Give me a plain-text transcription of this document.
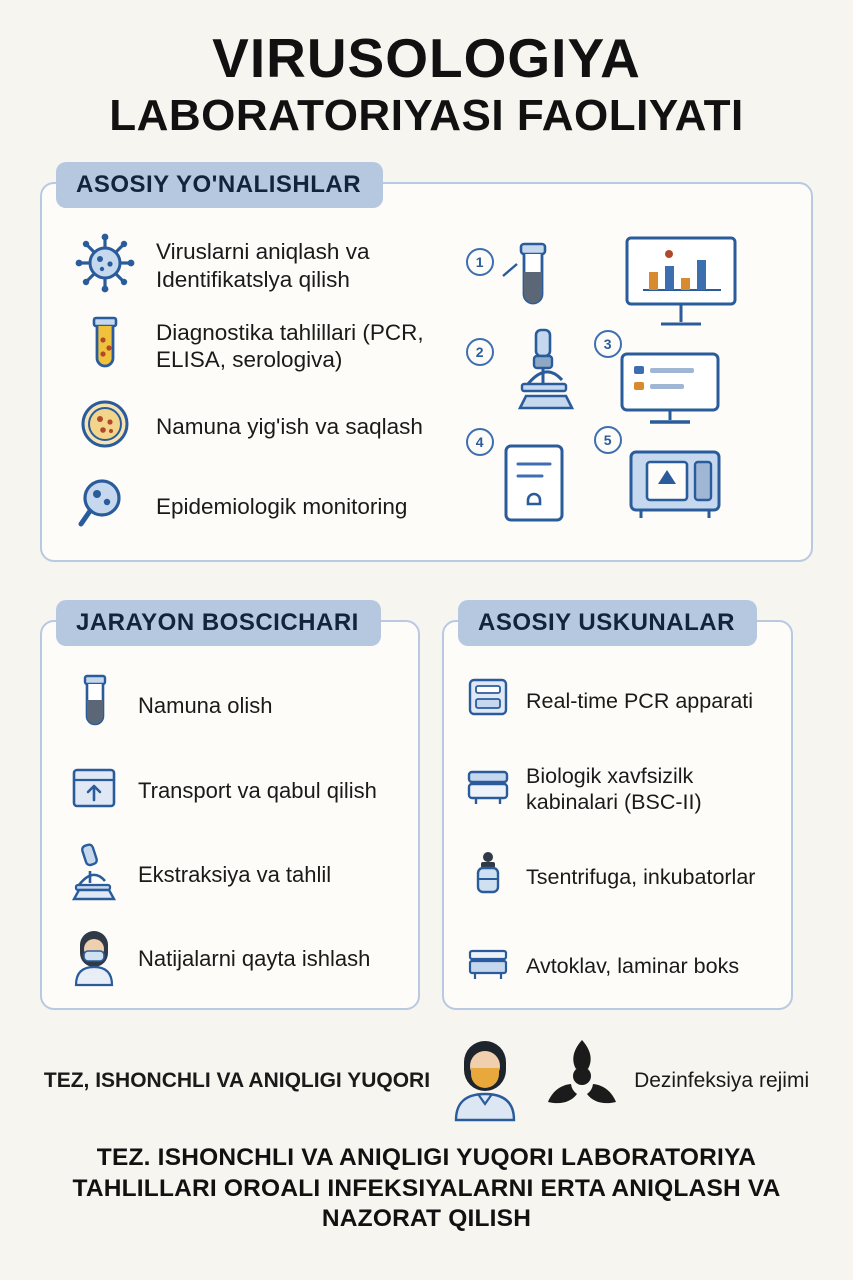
VIRUSOLOGIYA
LABORATORIYASI FAOLIYATI
ASOSIY YO'NALISHLAR
Viruslarni aniqlash va Identifikatslya qilish
Diagnostika tahlillari (PCR, ELISA, serologiva)
Namuna yig'ish va saqlash
Epidemiologik monitoring
1
2	3
4	5
JARAYON BOSCICHARI
Namuna olish
Transport va qabul qilish
Ekstraksiya va tahlil
Natijalarni qayta ishlash
ASOSIY USKUNALAR
Real-time PCR apparati
Biologik xavfsizilk kabinalari (BSC-II)
Tsentrifuga, inkubatorlar
Avtoklav, laminar boks
TEZ, ISHONCHLI VA ANIQLIGI YUQORI	Dezinfeksiya rejimi
TEZ. ISHONCHLI VA ANIQLIGI YUQORI LABORATORIYA TAHLILLARI OROALI INFEKSIYALARNI ERTA ANIQLASH VA NAZORAT QILISH
